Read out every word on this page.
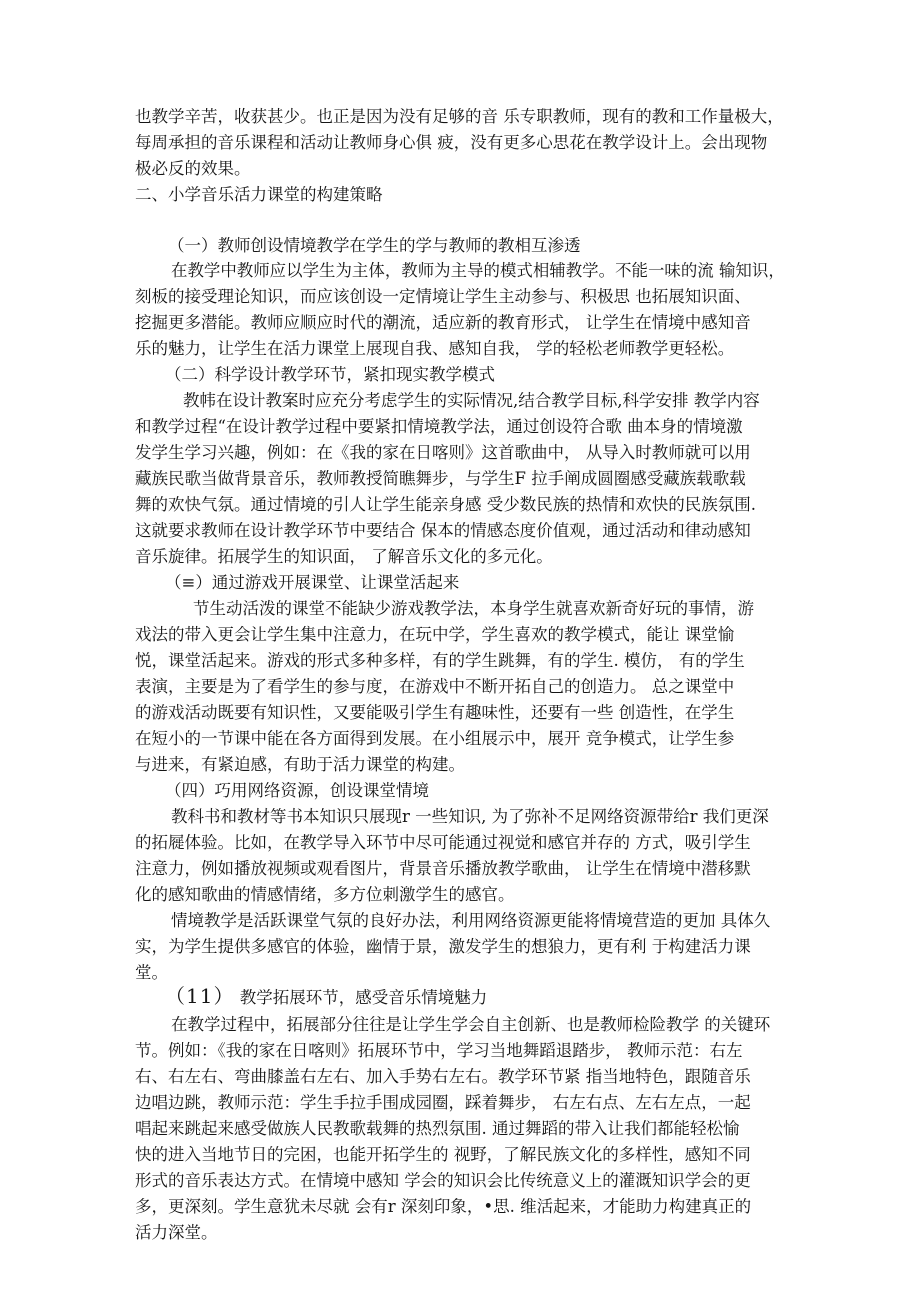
也教学辛苦，收获甚少。也正是因为没有足够的音 乐专职教师，现有的教和工作量极大，

每周承担的音乐课程和活动让教师身心俱 疲，没有更多心思花在教学设计上。会出现物

极必反的效果。

二、小学音乐活力课堂的构建策略

（一）教师创设情境教学在学生的学与教师的教相互渗透

在教学中教师应以学生为主体，教师为主导的模式相辅教学。不能一味的流 输知识，

刻板的接受理论知识，而应该创设一定情境让学生主动参与、积极思 也拓展知识面、

挖掘更多潜能。教师应顺应时代的潮流，适应新的教育形式， 让学生在情境中感知音

乐的魅力，让学生在活力课堂上展现自我、感知自我， 学的轻松老师教学更轻松。

（二）科学设计教学环节，紧扣现实教学模式

教帏在设计教案时应充分考虑学生的实际情况,结合教学目标,科学安排 教学内容

和教学过程“在设计教学过程中要紧扣情境教学法，通过创设符合歌 曲本身的情境激

发学生学习兴趣，例如：在《我的家在日喀则》这首歌曲中， 从导入时教师就可以用

藏族民歌当做背景音乐，教师教授简瞧舞步，与学生F 拉手阐成圆圈感受藏族载歌载

舞的欢快气氛。通过情境的引人让学生能亲身感 受少数民族的热情和欢快的民族氛围.

这就要求教师在设计教学环节中要结合 保本的情感态度价值观，通过活动和律动感知

音乐旋律。拓展学生的知识面， 了解音乐文化的多元化。

（≡）通过游戏开展课堂、让课堂活起来

节生动活泼的课堂不能缺少游戏教学法，本身学生就喜欢新奇好玩的事情，游

戏法的带入更会让学生集中注意力，在玩中学，学生喜欢的教学模式，能让 课堂愉

悦，课堂活起来。游戏的形式多种多样，有的学生跳舞，有的学生. 模仿， 有的学生

表演，主要是为了看学生的参与度，在游戏中不断开拓自己的创造力。 总之课堂中

的游戏活动既要有知识性，又要能吸引学生有趣味性，还要有一些 创造性，在学生

在短小的一节课中能在各方面得到发展。在小组展示中，展开 竞争模式，让学生参

与进来，有紧迫感，有助于活力课堂的构建。

（四）巧用网络资源，创设课堂情境

教科书和教材等书本知识只展现r 一些知识, 为了弥补不足网络资源带给r 我们更深

的拓屣体验。比如，在教学导入环节中尽可能通过视觉和感官并存的 方式，吸引学生

注意力，例如播放视频或观看图片，背景音乐播放教学歌曲， 让学生在情境中潜移默

化的感知歌曲的情感情绪，多方位刺激学生的感官。

情境教学是活跃课堂气氛的良好办法，利用网络资源更能将情境营造的更加 具体久

实，为学生提供多感官的体验，幽情于景，激发学生的想狼力，更有利 于构建活力课

堂。

（11） 教学拓展环节，感受音乐情境魅力

在教学过程中，拓展部分往往是让学生学会自主创新、也是教师检险教学 的关键环

节。例如：《我的家在日喀则》拓展环节中，学习当地舞蹈退踏步， 教师示范：右左

右、右左右、弯曲膝盖右左右、加入手势右左右。教学环节紧 指当地特色，跟随音乐

边唱边跳，教师示范：学生手拉手围成园圈，踩着舞步， 右左右点、左右左点，一起

唱起来跳起来感受做族人民教歌载舞的热烈氛围. 通过舞蹈的带入让我们都能轻松愉

快的进入当地节日的完困，也能开拓学生的 视野，了解民族文化的多样性，感知不同

形式的音乐表达方式。在情境中感知 学会的知识会比传统意义上的灌溉知识学会的更

多，更深刻。学生意犹未尽就 会有r 深刻印象，•思. 维活起来，才能助力构建真正的

活力深堂。
